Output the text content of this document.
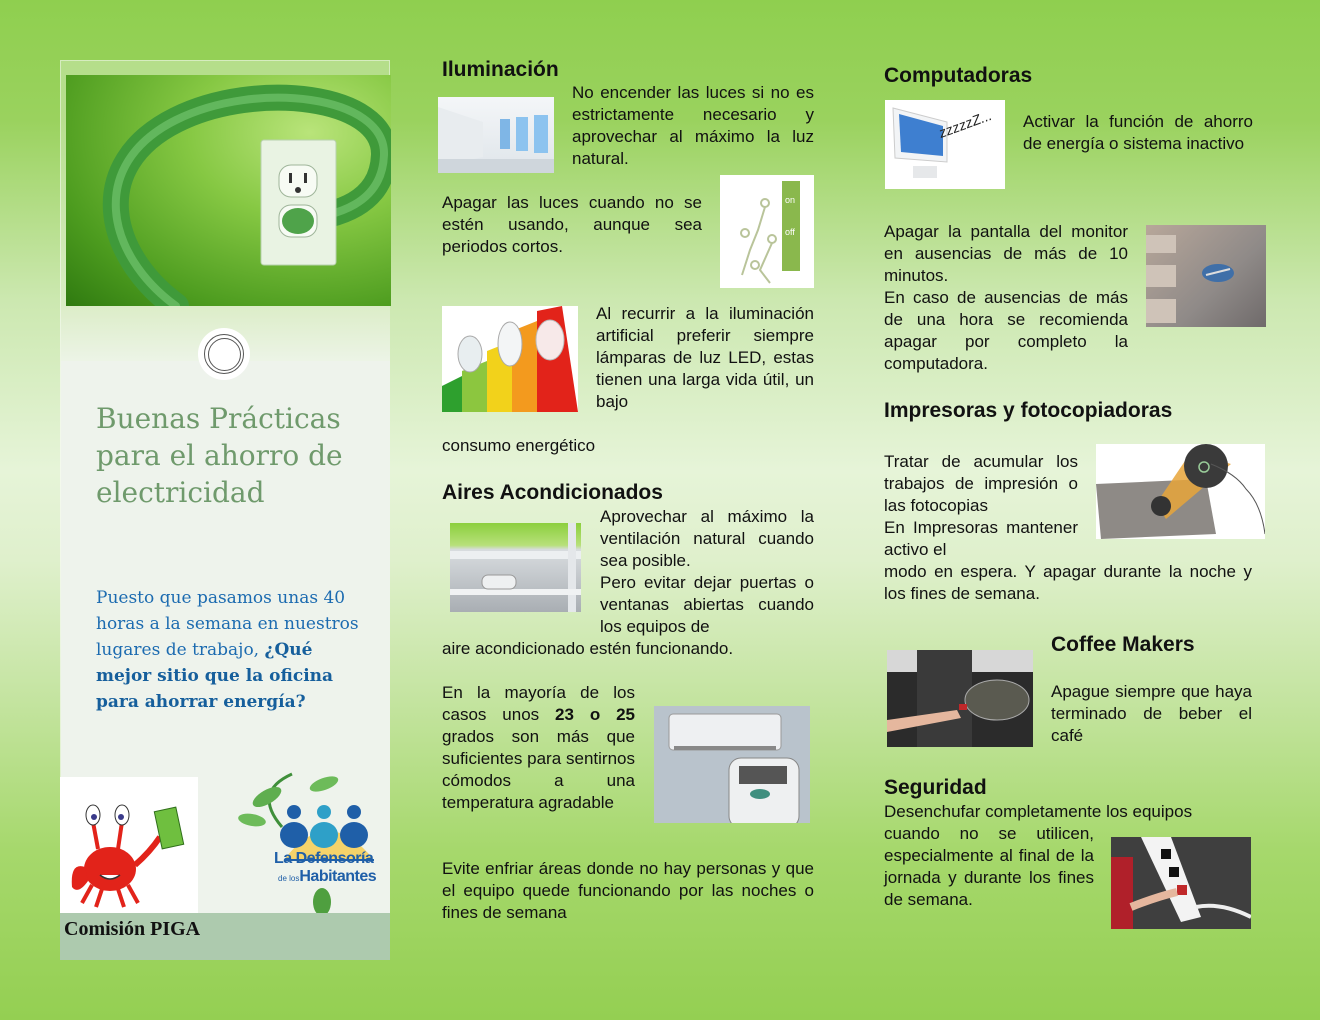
Buenas Prácticas
para el ahorro de
electricidad
Puesto que pasamos unas 40 horas a la semana en nuestros lugares de trabajo, ¿Qué mejor sitio que la oficina para ahorrar energía?
La Defensoría
de losHabitantes
Comisión PIGA
Iluminación
No encender las luces si no es estrictamente necesario y aprovechar al máximo la luz natural.
Apagar las luces cuando no se estén usando, aunque sea periodos cortos.
on
off
Al recurrir a la iluminación artificial preferir siempre lámparas de luz LED, estas tienen una larga vida útil, un bajo
consumo energético
Aires Acondicionados
Aprovechar al máximo la ventilación natural cuando sea posible.
Pero evitar dejar puertas o ventanas abiertas cuando los equipos de
aire acondicionado estén funcionando.
En la mayoría de los casos unos 23 o 25 grados son más que suficientes para sentirnos cómodos a una temperatura agradable
Evite enfriar áreas donde no hay personas y que el equipo quede funcionando por las noches o fines de semana
Computadoras
zzzzzZ... Activar la función de ahorro de energía o sistema inactivo
Apagar la pantalla del monitor en ausencias de más de 10 minutos.
En caso de ausencias de más de una hora se recomienda apagar por completo la computadora.
Impresoras y fotocopiadoras
Tratar de acumular los trabajos de impresión o las fotocopias
En Impresoras mantener activo el
modo en espera. Y apagar durante la noche y los fines de semana.
Coffee Makers
Apague siempre que haya terminado de beber el café
Seguridad
Desenchufar completamente los equipos
cuando no se utilicen, especialmente al final de la jornada y durante los fines de semana.
